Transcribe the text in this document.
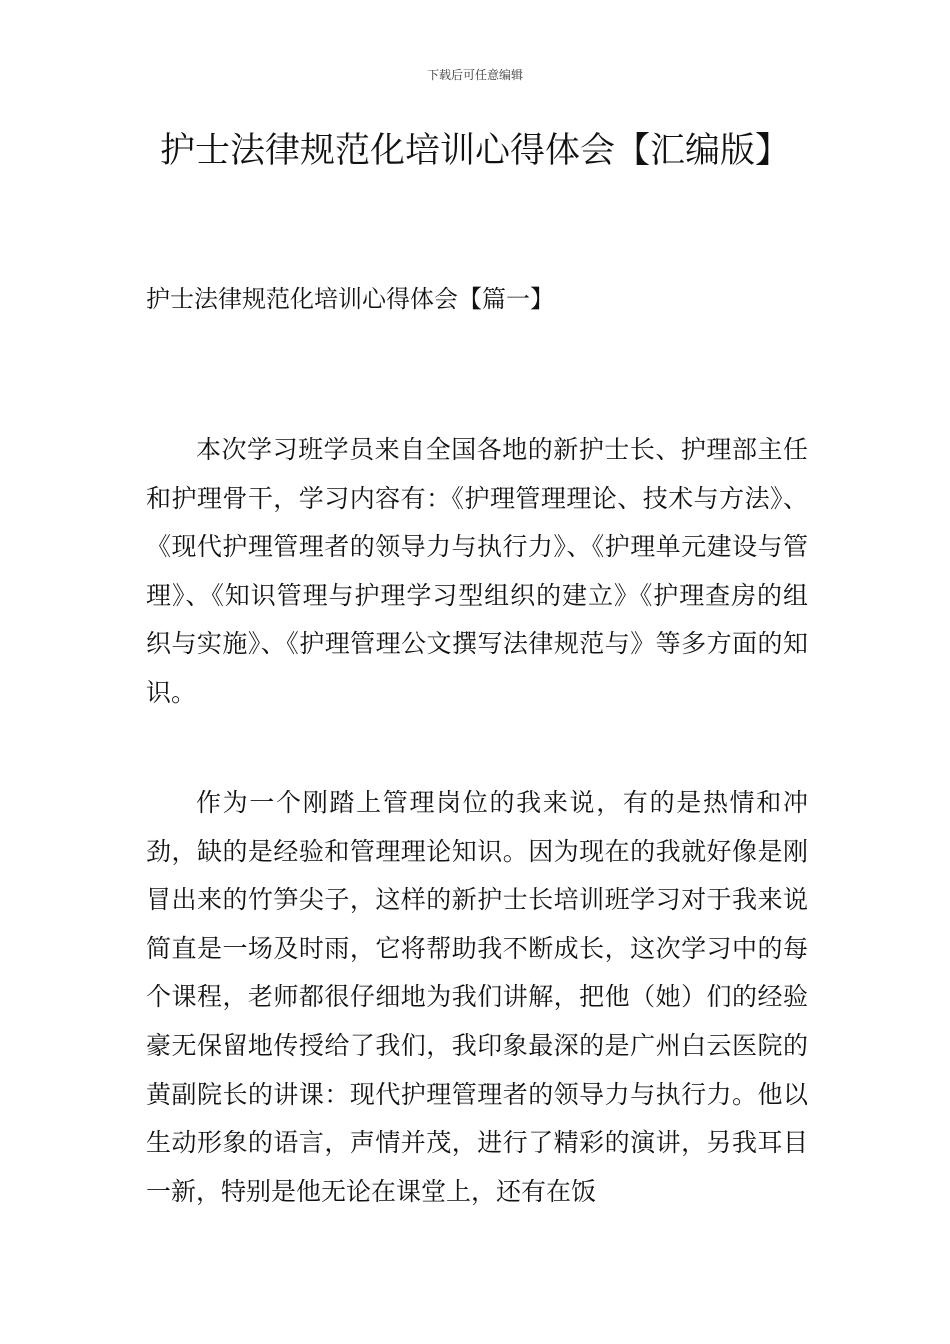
下载后可任意编辑
护士法律规范化培训心得体会【汇编版】
护士法律规范化培训心得体会【篇一】

本次学习班学员来自全国各地的新护士长、护理部主任和护理骨干，学习内容有：《护理管理理论、技术与方法》、《现代护理管理者的领导力与执行力》、《护理单元建设与管理》、《知识管理与护理学习型组织的建立》《护理查房的组织与实施》、《护理管理公文撰写法律规范与》等多方面的知识。

作为一个刚踏上管理岗位的我来说，有的是热情和冲劲，缺的是经验和管理理论知识。因为现在的我就好像是刚冒出来的竹笋尖子，这样的新护士长培训班学习对于我来说简直是一场及时雨，它将帮助我不断成长，这次学习中的每个课程，老师都很仔细地为我们讲解，把他（她）们的经验豪无保留地传授给了我们，我印象最深的是广州白云医院的黄副院长的讲课：现代护理管理者的领导力与执行力。他以生动形象的语言，声情并茂，进行了精彩的演讲，另我耳目一新，特别是他无论在课堂上，还有在饭
